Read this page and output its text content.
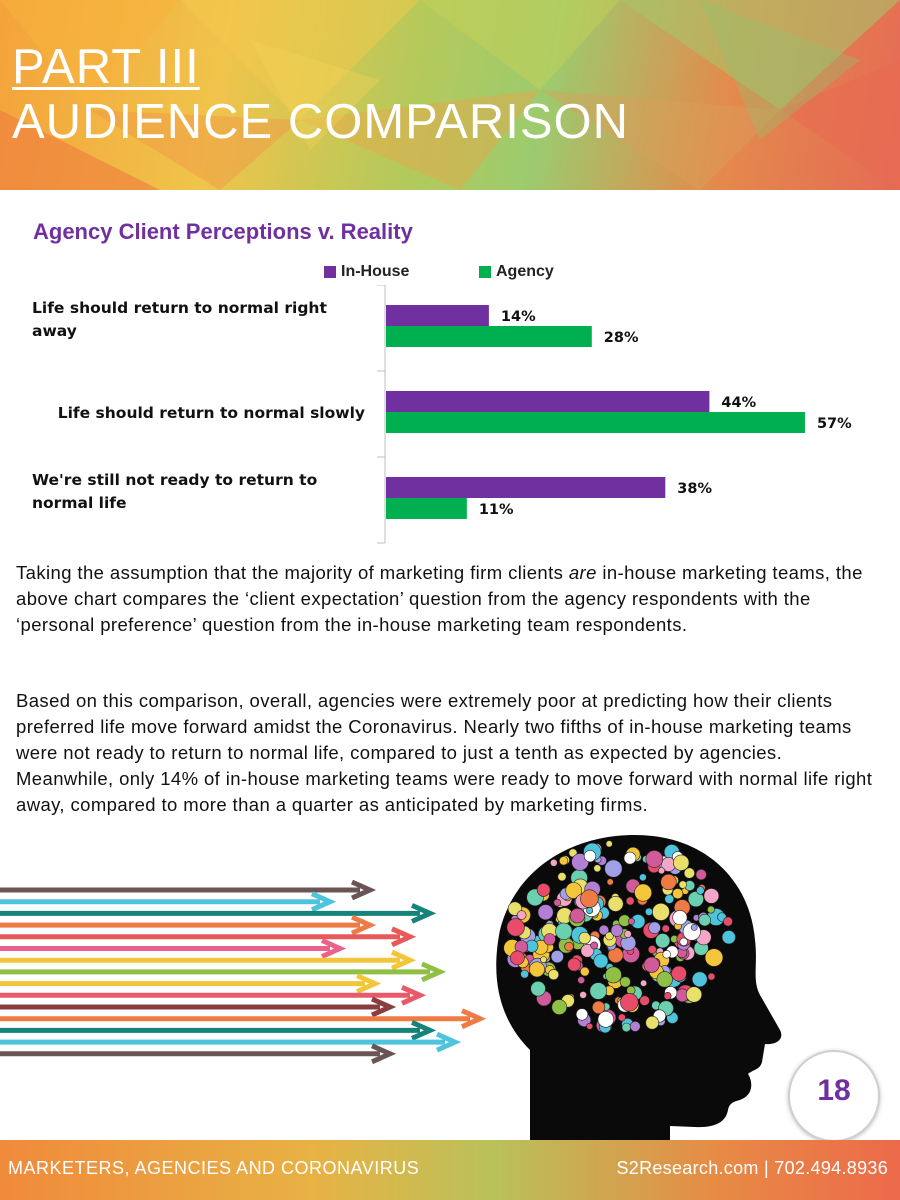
PART III
AUDIENCE COMPARISON
Agency Client Perceptions v. Reality
In-House	Agency
Life should return to normal right
away
14%
28%
Life should return to normal slowly
44%
57%
We're still not ready to return to
normal life
38%
11%
Taking the assumption that the majority of marketing firm clients are in-house marketing teams, the above chart compares the ‘client expectation’ question from the agency respondents with the ‘personal preference’ question from the in-house marketing team respondents.
Based on this comparison, overall, agencies were extremely poor at predicting how their clients preferred life move forward amidst the Coronavirus. Nearly two fifths of in-house marketing teams were not ready to return to normal life, compared to just a tenth as expected by agencies. Meanwhile, only 14% of in-house marketing teams were ready to move forward with normal life right away, compared to more than a quarter as anticipated by marketing firms.
18
MARKETERS, AGENCIES AND CORONAVIRUS	S2Research.com | 702.494.8936
